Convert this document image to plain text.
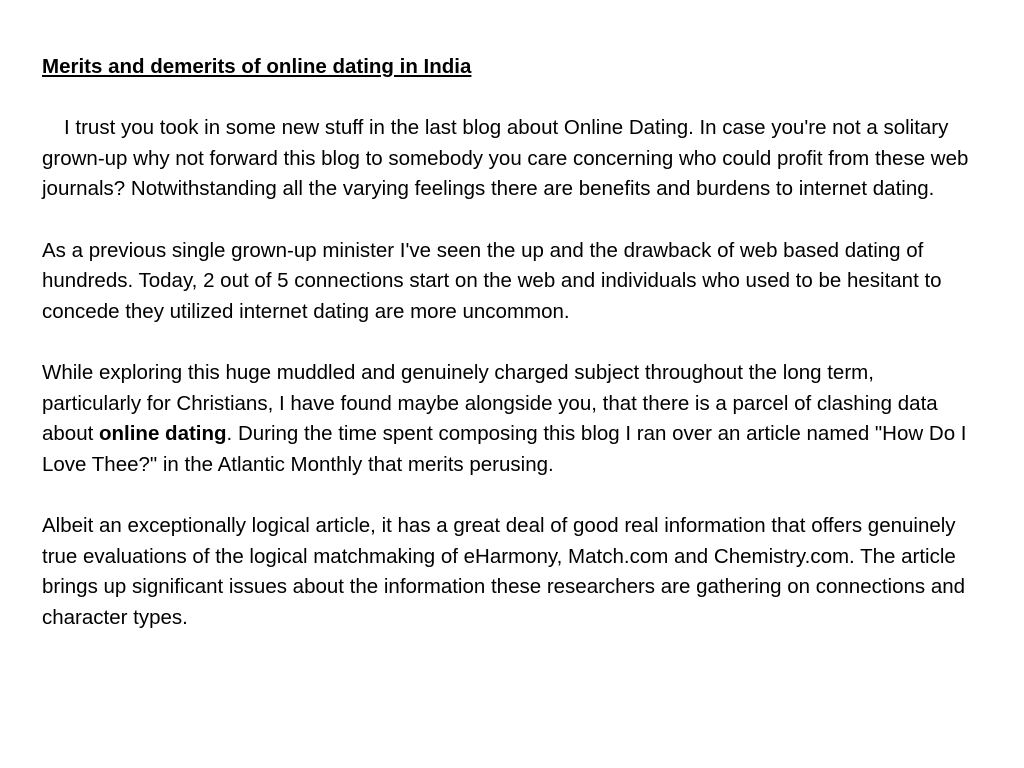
Merits and demerits of online dating in India

I trust you took in some new stuff in the last blog about Online Dating. In case you're not a solitary grown-up why not forward this blog to somebody you care concerning who could profit from these web journals? Notwithstanding all the varying feelings there are benefits and burdens to internet dating.

As a previous single grown-up minister I've seen the up and the drawback of web based dating of hundreds. Today, 2 out of 5 connections start on the web and individuals who used to be hesitant to concede they utilized internet dating are more uncommon.

While exploring this huge muddled and genuinely charged subject throughout the long term, particularly for Christians, I have found maybe alongside you, that there is a parcel of clashing data about online dating. During the time spent composing this blog I ran over an article named "How Do I Love Thee?" in the Atlantic Monthly that merits perusing.

Albeit an exceptionally logical article, it has a great deal of good real information that offers genuinely true evaluations of the logical matchmaking of eHarmony, Match.com and Chemistry.com. The article brings up significant issues about the information these researchers are gathering on connections and character types.
